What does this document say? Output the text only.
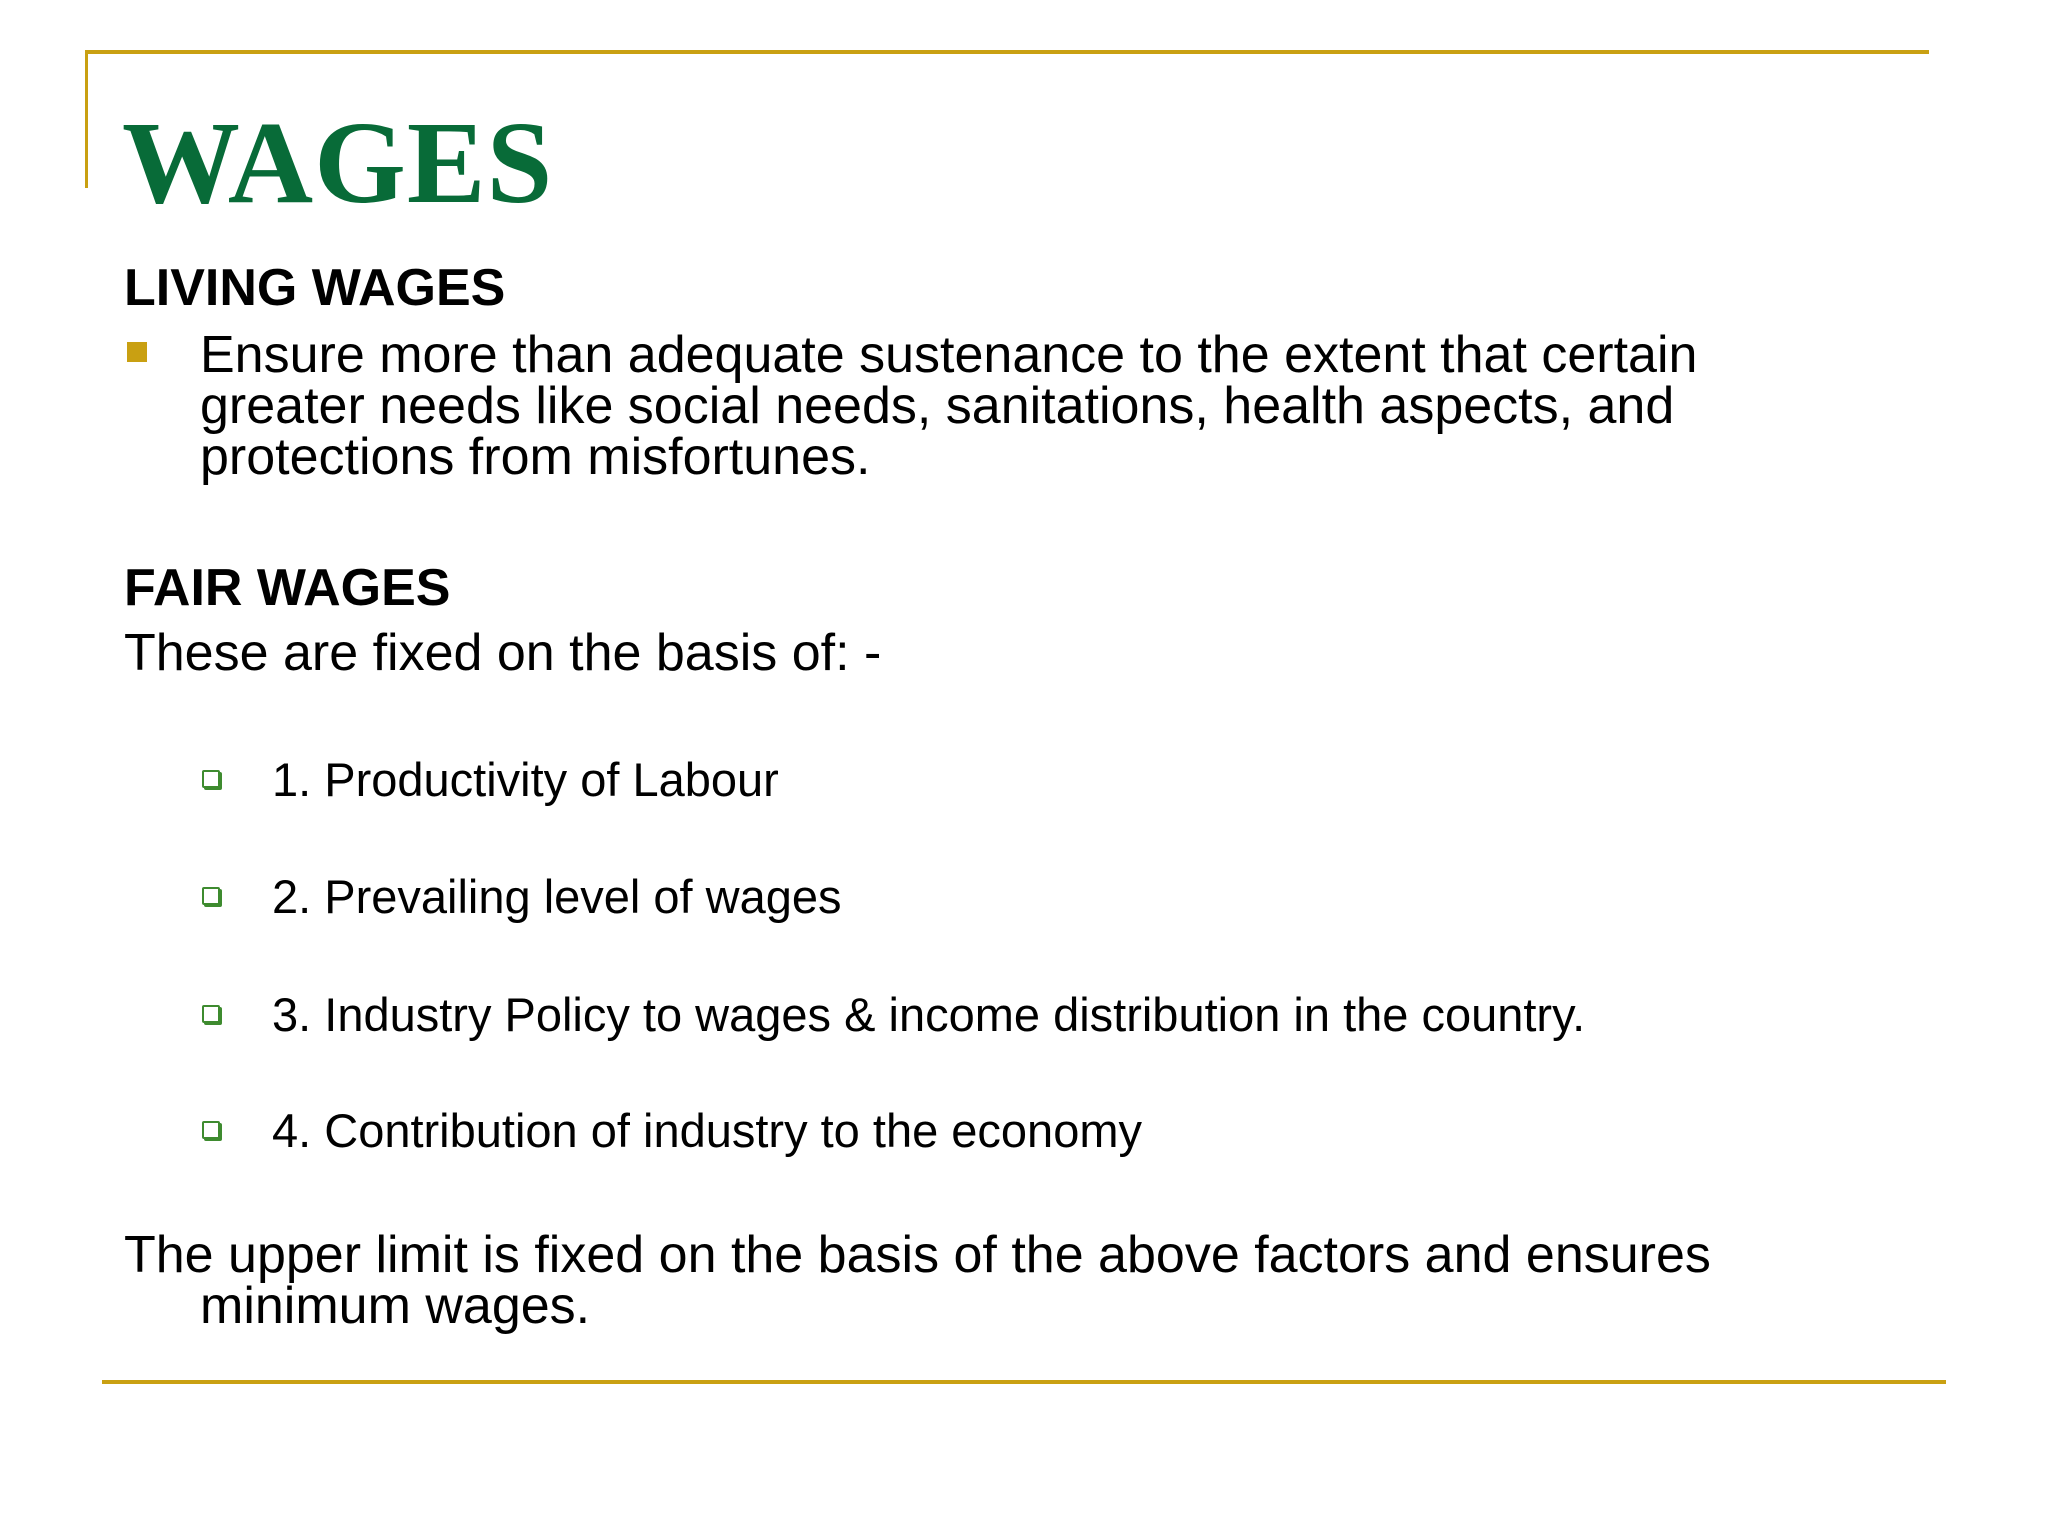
WAGES
LIVING WAGES
Ensure more than adequate sustenance to the extent that certain greater needs like social needs, sanitations, health aspects, and protections from misfortunes.
FAIR WAGES
These are fixed on the basis of: -
1. Productivity of Labour
2. Prevailing level of wages
3. Industry Policy to wages & income distribution in the country.
4. Contribution of industry to the economy
The upper limit is fixed on the basis of the above factors and ensures
minimum wages.
